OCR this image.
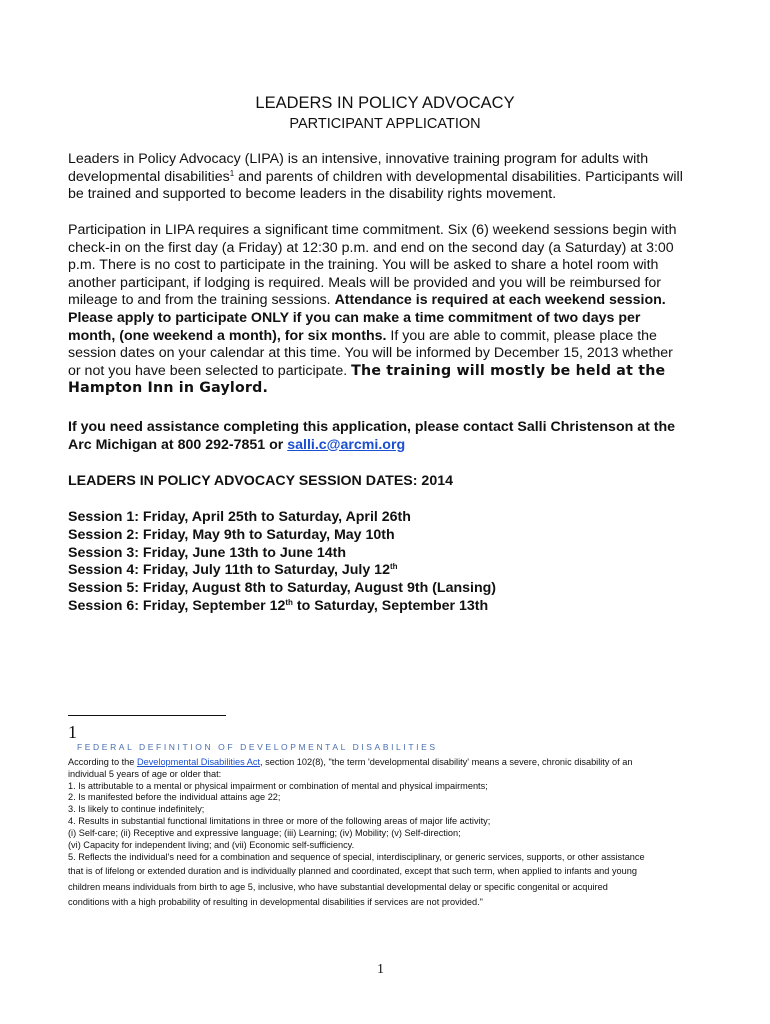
LEADERS IN POLICY ADVOCACY
PARTICIPANT APPLICATION

Leaders in Policy Advocacy (LIPA) is an intensive, innovative training program for adults with developmental disabilities$^1$ and parents of children with developmental disabilities. Participants will be trained and supported to become leaders in the disability rights movement.

Participation in LIPA requires a significant time commitment. Six (6) weekend sessions begin with check-in on the first day (a Friday) at 12:30 p.m. and end on the second day (a Saturday) at 3:00 p.m. There is no cost to participate in the training. You will be asked to share a hotel room with another participant, if lodging is required. Meals will be provided and you will be reimbursed for mileage to and from the training sessions. Attendance is required at each weekend session. Please apply to participate ONLY if you can make a time commitment of two days per month, (one weekend a month), for six months. If you are able to commit, please place the session dates on your calendar at this time. You will be informed by December 15, 2013 whether or not you have been selected to participate. The training will mostly be held at the Hampton Inn in Gaylord.

If you need assistance completing this application, please contact Salli Christenson at the Arc Michigan at 800 292-7851 or salli.c@arcmi.org

LEADERS IN POLICY ADVOCACY SESSION DATES: 2014
Session 1: Friday, April 25th to Saturday, April 26th
Session 2: Friday, May 9th to Saturday, May 10th
Session 3: Friday, June 13th to June 14th
Session 4: Friday, July 11th to Saturday, July 12th
Session 5: Friday, August 8th to Saturday, August 9th (Lansing)
Session 6: Friday, September 12th to Saturday, September 13th
1
FEDERAL DEFINITION OF DEVELOPMENTAL DISABILITIES
According to the Developmental Disabilities Act, section 102(8), "the term 'developmental disability' means a severe, chronic disability of an
individual 5 years of age or older that:
1. Is attributable to a mental or physical impairment or combination of mental and physical impairments;
2. Is manifested before the individual attains age 22;
3. Is likely to continue indefinitely;
4. Results in substantial functional limitations in three or more of the following areas of major life activity;
(i) Self-care; (ii) Receptive and expressive language; (iii) Learning; (iv) Mobility; (v) Self-direction;
(vi) Capacity for independent living; and (vii) Economic self-sufficiency.
5. Reflects the individual's need for a combination and sequence of special, interdisciplinary, or generic services, supports, or other assistance
that is of lifelong or extended duration and is individually planned and coordinated, except that such term, when applied to infants and young
children means individuals from birth to age 5, inclusive, who have substantial developmental delay or specific congenital or acquired
conditions with a high probability of resulting in developmental disabilities if services are not provided."
1
